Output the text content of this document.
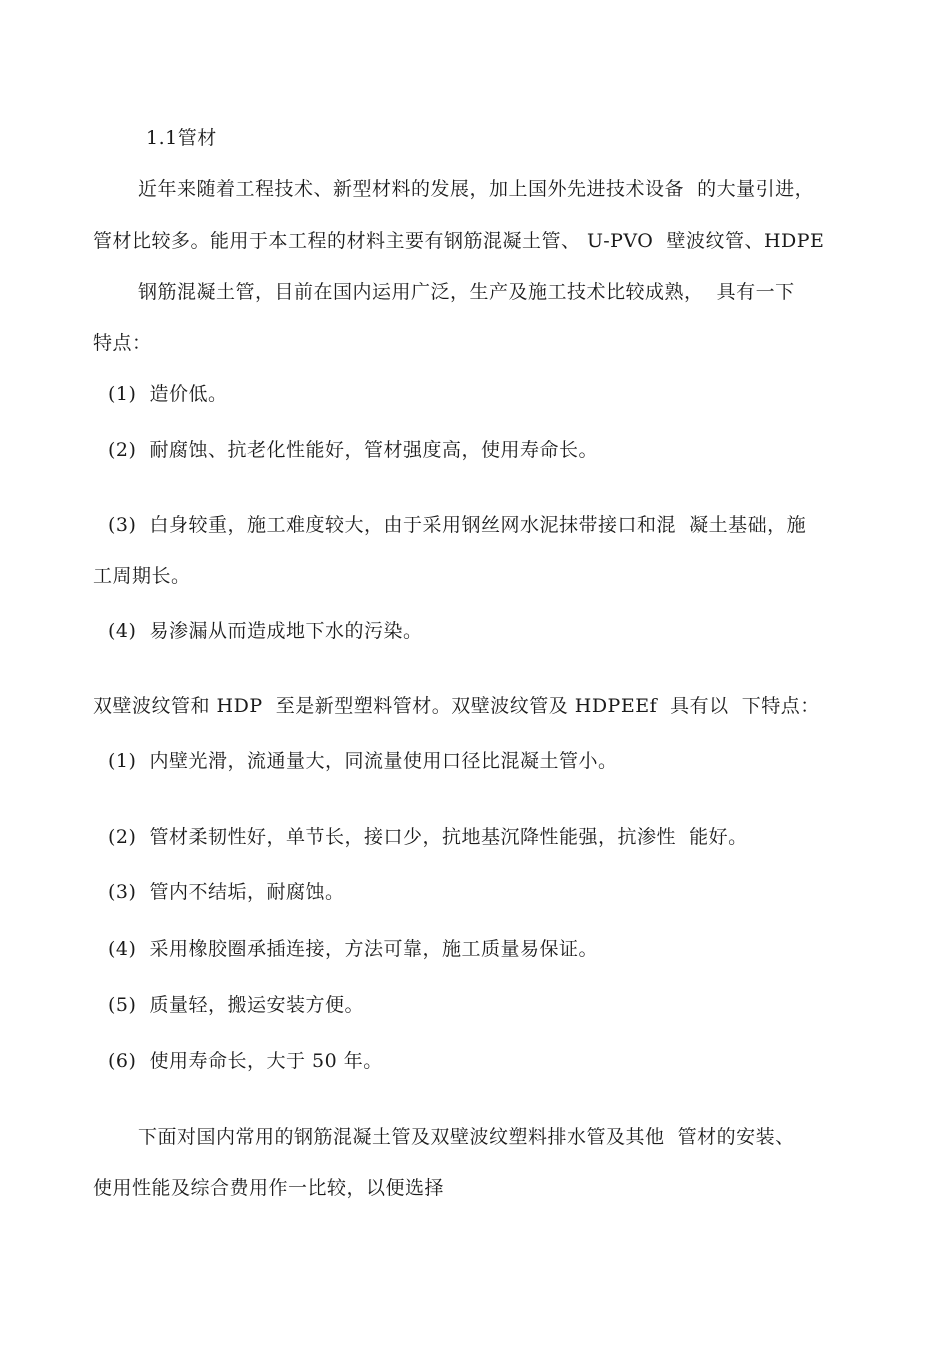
1.1管材
近年来随着工程技术、新型材料的发展，加上国外先进技术设备  的大量引进，
管材比较多。能用于本工程的材料主要有钢筋混凝土管、 U-PVO  壁波纹管、HDPE
钢筋混凝土管，目前在国内运用广泛，生产及施工技术比较成熟，  具有一下
特点：
(1)  造价低。
(2)  耐腐蚀、抗老化性能好，管材强度高，使用寿命长。
(3)  白身较重，施工难度较大，由于采用钢丝网水泥抹带接口和混  凝土基础，施
工周期长。
(4)  易渗漏从而造成地下水的污染。
双壁波纹管和 HDP  至是新型塑料管材。双壁波纹管及 HDPEEf  具有以  下特点：
(1)  内壁光滑，流通量大，同流量使用口径比混凝土管小。
(2)  管材柔韧性好，单节长，接口少，抗地基沉降性能强，抗渗性  能好。
(3)  管内不结垢，耐腐蚀。
(4)  采用橡胶圈承插连接，方法可靠，施工质量易保证。
(5)  质量轻，搬运安装方便。
(6)  使用寿命长，大于 50 年。
下面对国内常用的钢筋混凝土管及双壁波纹塑料排水管及其他  管材的安装、
使用性能及综合费用作一比较，以便选择
